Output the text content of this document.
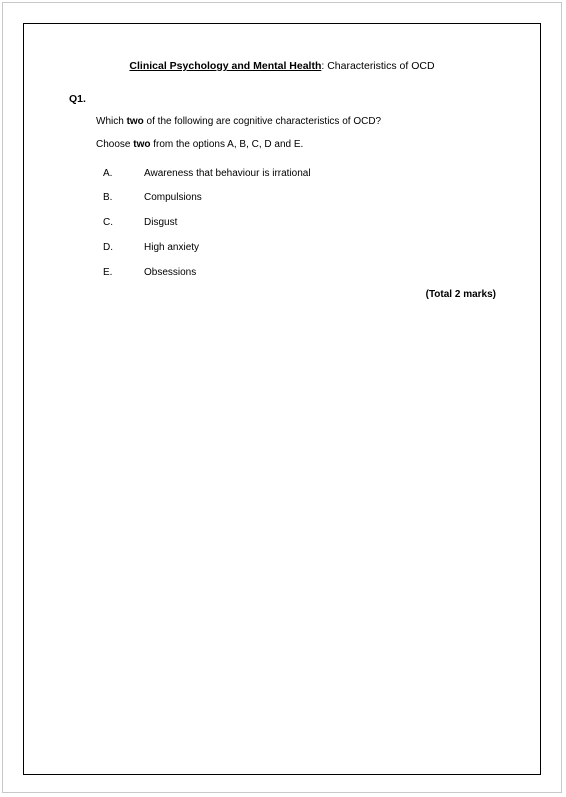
Clinical Psychology and Mental Health: Characteristics of OCD
Q1.
Which two of the following are cognitive characteristics of OCD?
Choose two from the options A, B, C, D and E.
A.	Awareness that behaviour is irrational
B.	Compulsions
C.	Disgust
D.	High anxiety
E.	Obsessions
(Total 2 marks)
